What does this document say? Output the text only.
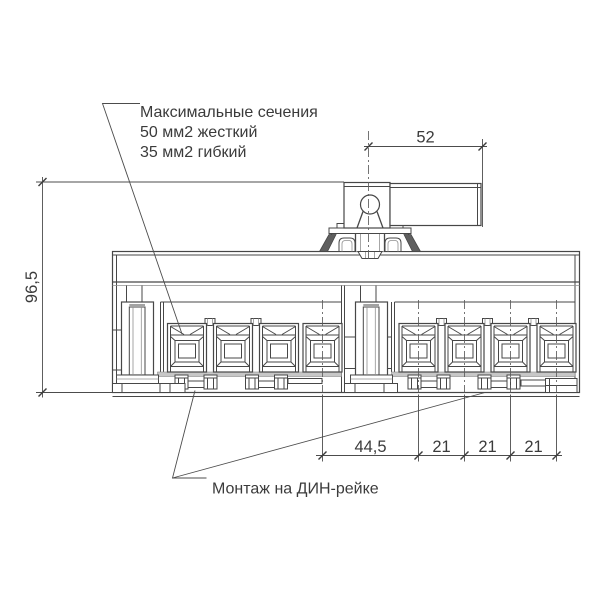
52
96,5
44,5	21 21 21
Максимальные сечения
50 мм2 жесткий
35 мм2 гибкий
Монтаж на ДИН-рейке
